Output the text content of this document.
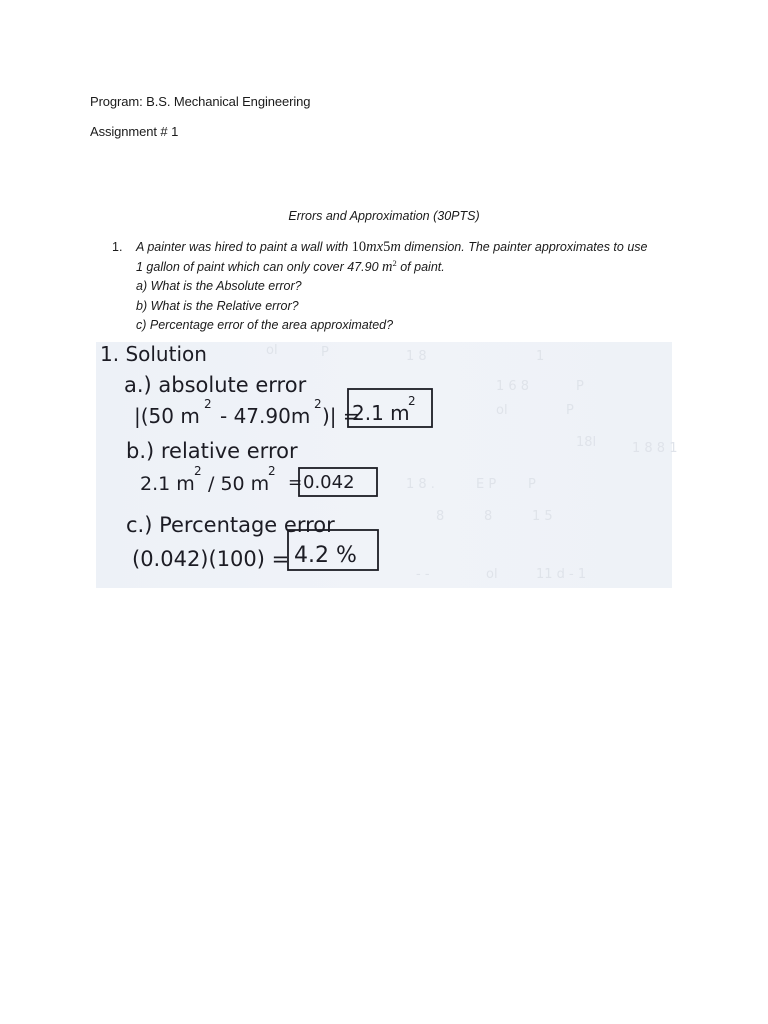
Program: B.S. Mechanical Engineering
Assignment # 1
Errors and Approximation (30PTS)
1. A painter was hired to paint a wall with 10mx5m dimension. The painter approximates to use
1 gallon of paint which can only cover 47.90 $m^2$ of paint.
a) What is the Absolute error?
b) What is the Relative error?
c) Percentage error of the area approximated?
ol	P	1 8	1
1 6 8	P
ol	P
18l	1 8 8 1
1 8 .	E P P
8	8	1 5
- -	ol	11 d - 1
1. Solution
a.) absolute error
|(50 m 2 - 47.90m 2 )| =
2.1 m
2
b.) relative error
2.1 m
2
/ 50 m
2
= 0.042
c.) Percentage error
(0.042)(100) = 4.2 %
